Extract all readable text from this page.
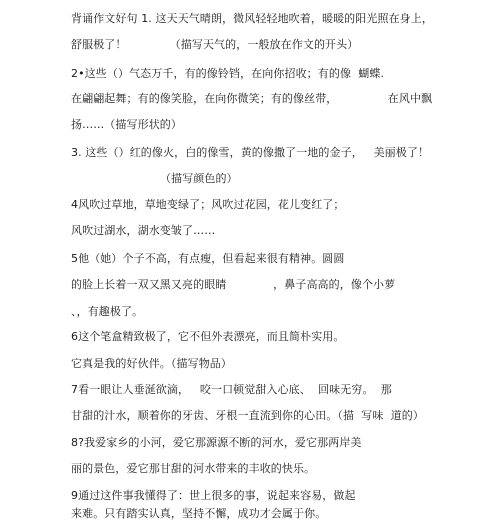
背诵作文好句 1. 这天天气晴朗，微风轻轻地吹着，暖暖的阳光照在身上，
舒服极了！            （描写天气的，一般放在作文的开头）
2•这些（）气态万千，有的像铃铛，在向你招收；有的像  蝴蝶.
在翩翩起舞；有的像笑脸，在向你微笑；有的像丝带，              在风中飘
扬……（描写形状的）
3. 这些（）红的像火，白的像雪，黄的像撒了一地的金子，   美丽极了！
（描写颜色的）
4风吹过草地，草地变绿了；风吹过花园，花儿变红了；
风吹过湖水，湖水变皱了……
5他（她）个子不高，有点瘦，但看起来很有精神。圆圆
的脸上长着一双又黑又亮的眼睛             ，鼻子高高的，像个小萝
、，有趣极了。
6这个笔盒精致极了，它不但外表漂亮，而且简朴实用。
它真是我的好伙伴。（描写物品）
7看一眼让人垂涎欲滴，   咬一口顿觉甜入心底、  回味无穷。  那
甘甜的汁水，顺着你的牙齿、牙根一直流到你的心田。（描  写味  道的）
8?我爱家乡的小河，爱它那源源不断的河水，爱它那两岸美
丽的景色，爱它那甘甜的河水带来的丰收的快乐。
9通过这件事我懂得了：世上很多的事，说起来容易，做起
来难。只有踏实认真，坚持不懈，成功才会属于你。
